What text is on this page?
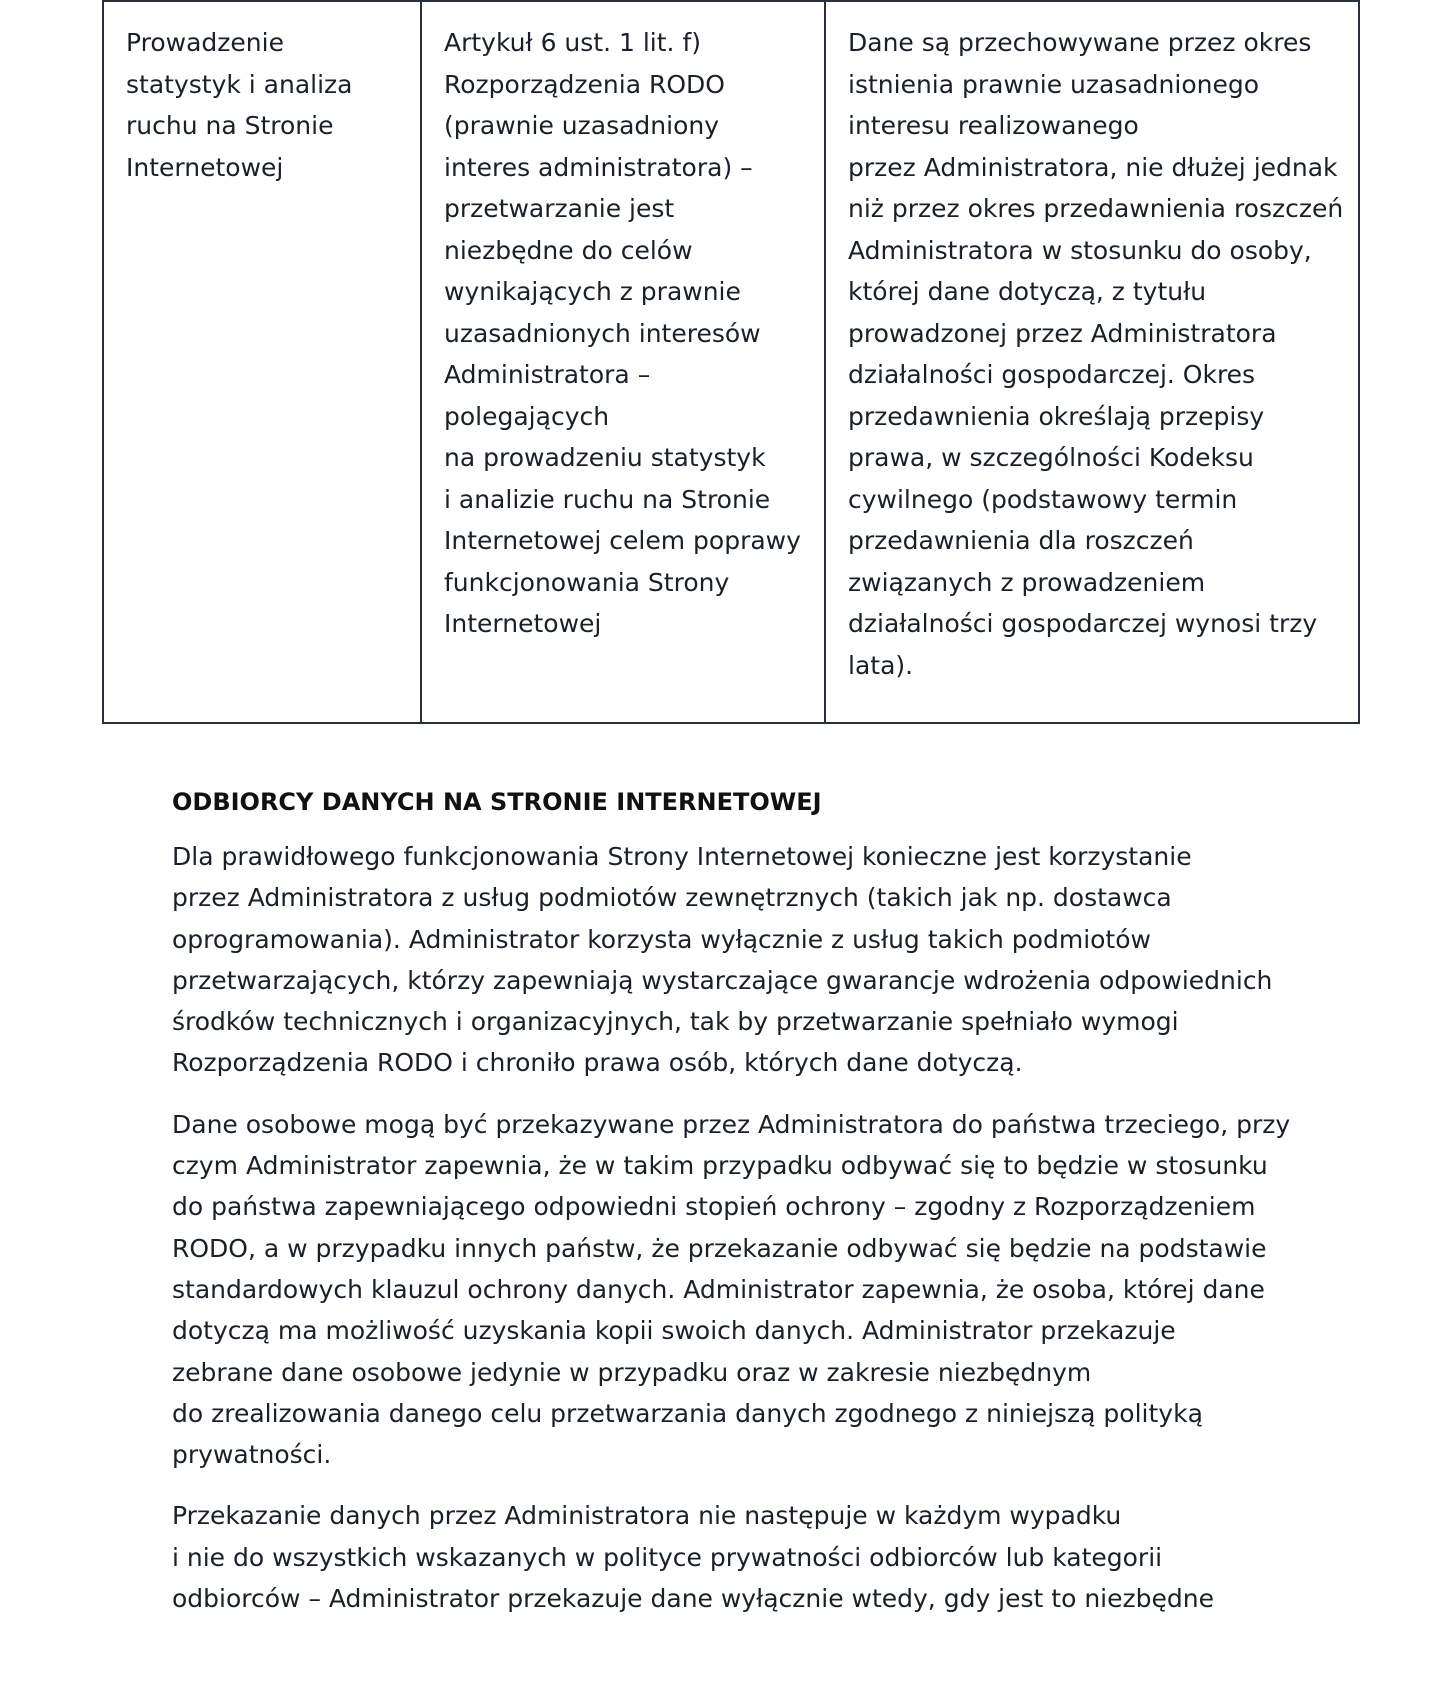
Prowadzenie
statystyk i analiza
ruchu na Stronie
Internetowej

Artykuł 6 ust. 1 lit. f)
Rozporządzenia RODO
(prawnie uzasadniony
interes administratora) –
przetwarzanie jest
niezbędne do celów
wynikających z prawnie
uzasadnionych interesów
Administratora –
polegających
na prowadzeniu statystyk
i analizie ruchu na Stronie
Internetowej celem poprawy
funkcjonowania Strony
Internetowej

Dane są przechowywane przez okres
istnienia prawnie uzasadnionego
interesu realizowanego
przez Administratora, nie dłużej jednak
niż przez okres przedawnienia roszczeń
Administratora w stosunku do osoby,
której dane dotyczą, z tytułu
prowadzonej przez Administratora
działalności gospodarczej. Okres
przedawnienia określają przepisy
prawa, w szczególności Kodeksu
cywilnego (podstawowy termin
przedawnienia dla roszczeń
związanych z prowadzeniem
działalności gospodarczej wynosi trzy
lata).
ODBIORCY DANYCH NA STRONIE INTERNETOWEJ

Dla prawidłowego funkcjonowania Strony Internetowej konieczne jest korzystanie
przez Administratora z usług podmiotów zewnętrznych (takich jak np. dostawca
oprogramowania). Administrator korzysta wyłącznie z usług takich podmiotów
przetwarzających, którzy zapewniają wystarczające gwarancje wdrożenia odpowiednich
środków technicznych i organizacyjnych, tak by przetwarzanie spełniało wymogi
Rozporządzenia RODO i chroniło prawa osób, których dane dotyczą.

Dane osobowe mogą być przekazywane przez Administratora do państwa trzeciego, przy
czym Administrator zapewnia, że w takim przypadku odbywać się to będzie w stosunku
do państwa zapewniającego odpowiedni stopień ochrony – zgodny z Rozporządzeniem
RODO, a w przypadku innych państw, że przekazanie odbywać się będzie na podstawie
standardowych klauzul ochrony danych. Administrator zapewnia, że osoba, której dane
dotyczą ma możliwość uzyskania kopii swoich danych. Administrator przekazuje
zebrane dane osobowe jedynie w przypadku oraz w zakresie niezbędnym
do zrealizowania danego celu przetwarzania danych zgodnego z niniejszą polityką
prywatności.

Przekazanie danych przez Administratora nie następuje w każdym wypadku
i nie do wszystkich wskazanych w polityce prywatności odbiorców lub kategorii
odbiorców – Administrator przekazuje dane wyłącznie wtedy, gdy jest to niezbędne
